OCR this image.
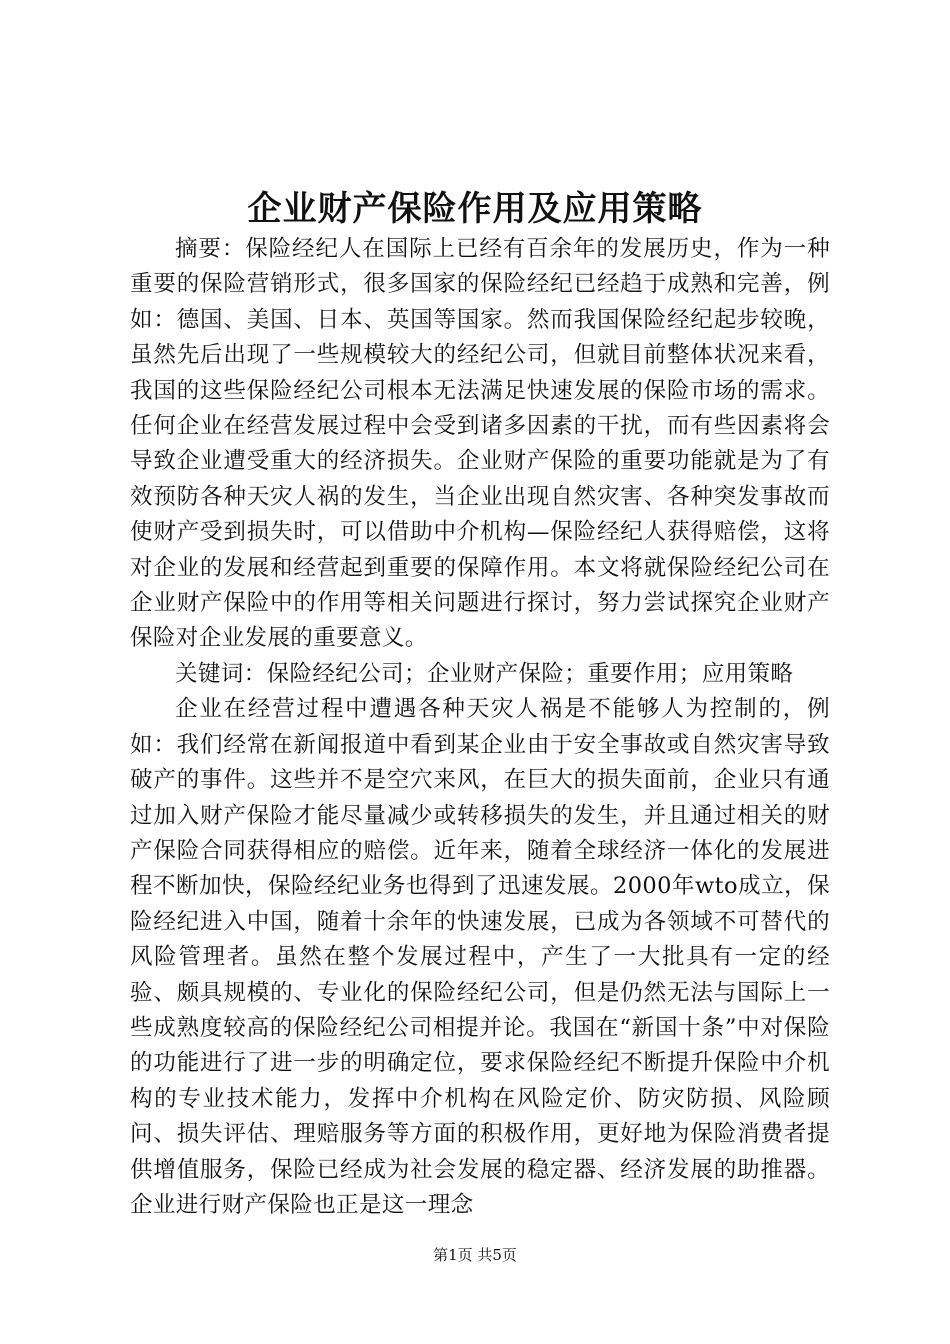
企业财产保险作用及应用策略

摘要：保险经纪人在国际上已经有百余年的发展历史，作为一种重要的保险营销形式，很多国家的保险经纪已经趋于成熟和完善，例如：德国、美国、日本、英国等国家。然而我国保险经纪起步较晚，虽然先后出现了一些规模较大的经纪公司，但就目前整体状况来看，我国的这些保险经纪公司根本无法满足快速发展的保险市场的需求。任何企业在经营发展过程中会受到诸多因素的干扰，而有些因素将会导致企业遭受重大的经济损失。企业财产保险的重要功能就是为了有效预防各种天灾人祸的发生，当企业出现自然灾害、各种突发事故而使财产受到损失时，可以借助中介机构—保险经纪人获得赔偿，这将对企业的发展和经营起到重要的保障作用。本文将就保险经纪公司在企业财产保险中的作用等相关问题进行探讨，努力尝试探究企业财产保险对企业发展的重要意义。

关键词：保险经纪公司；企业财产保险；重要作用；应用策略

企业在经营过程中遭遇各种天灾人祸是不能够人为控制的，例如：我们经常在新闻报道中看到某企业由于安全事故或自然灾害导致破产的事件。这些并不是空穴来风，在巨大的损失面前，企业只有通过加入财产保险才能尽量减少或转移损失的发生，并且通过相关的财产保险合同获得相应的赔偿。近年来，随着全球经济一体化的发展进程不断加快，保险经纪业务也得到了迅速发展。2000年wto成立，保险经纪进入中国，随着十余年的快速发展，已成为各领域不可替代的风险管理者。虽然在整个发展过程中，产生了一大批具有一定的经验、颇具规模的、专业化的保险经纪公司，但是仍然无法与国际上一些成熟度较高的保险经纪公司相提并论。我国在“新国十条”中对保险的功能进行了进一步的明确定位，要求保险经纪不断提升保险中介机构的专业技术能力，发挥中介机构在风险定价、防灾防损、风险顾问、损失评估、理赔服务等方面的积极作用，更好地为保险消费者提供增值服务，保险已经成为社会发展的稳定器、经济发展的助推器。企业进行财产保险也正是这一理念

第1页 共5页
